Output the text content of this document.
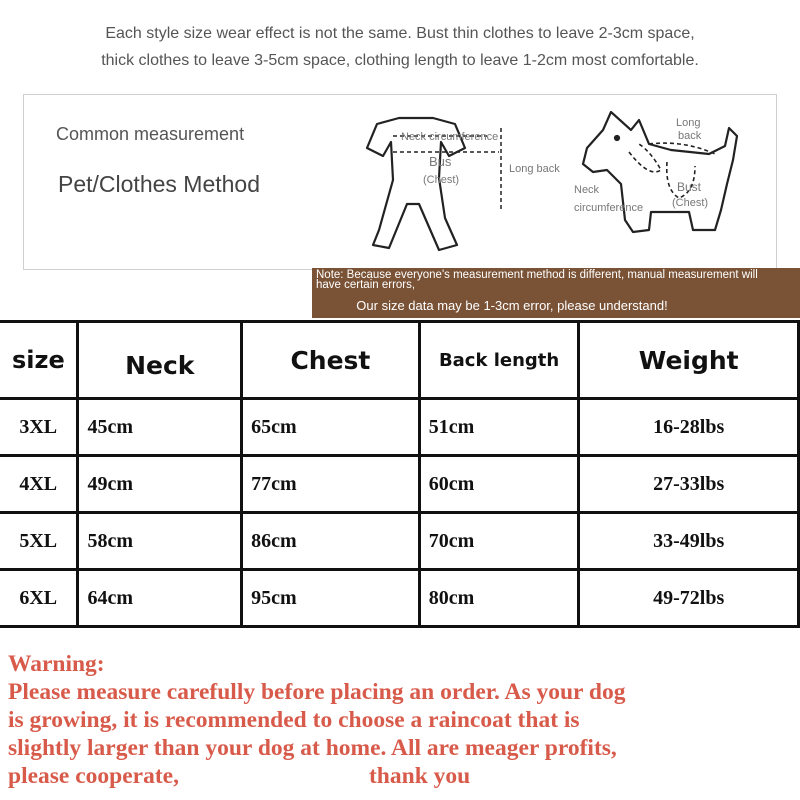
Each style size wear effect is not the same. Bust thin clothes to leave 2-3cm space,
thick clothes to leave 3-5cm space, clothing length to leave 1-2cm most comfortable.
Common measurement
Pet/Clothes Method
Neck circumference
Bus
(Chest)
Long back
Long
back
Neck
circumference
Bust
(Chest)
Note: Because everyone's measurement method is different, manual measurement will have certain errors,
Our size data may be 1-3cm error, please understand!
size	Neck	Chest	Back length	Weight
3XL	45cm	65cm	51cm	16-28lbs
4XL	49cm	77cm	60cm	27-33lbs
5XL	58cm	86cm	70cm	33-49lbs
6XL	64cm	95cm	80cm	49-72lbs
Warning:
Please measure carefully before placing an order. As your dog
is growing, it is recommended to choose a raincoat that is
slightly larger than your dog at home. All are meager profits,
please cooperate,	thank you
